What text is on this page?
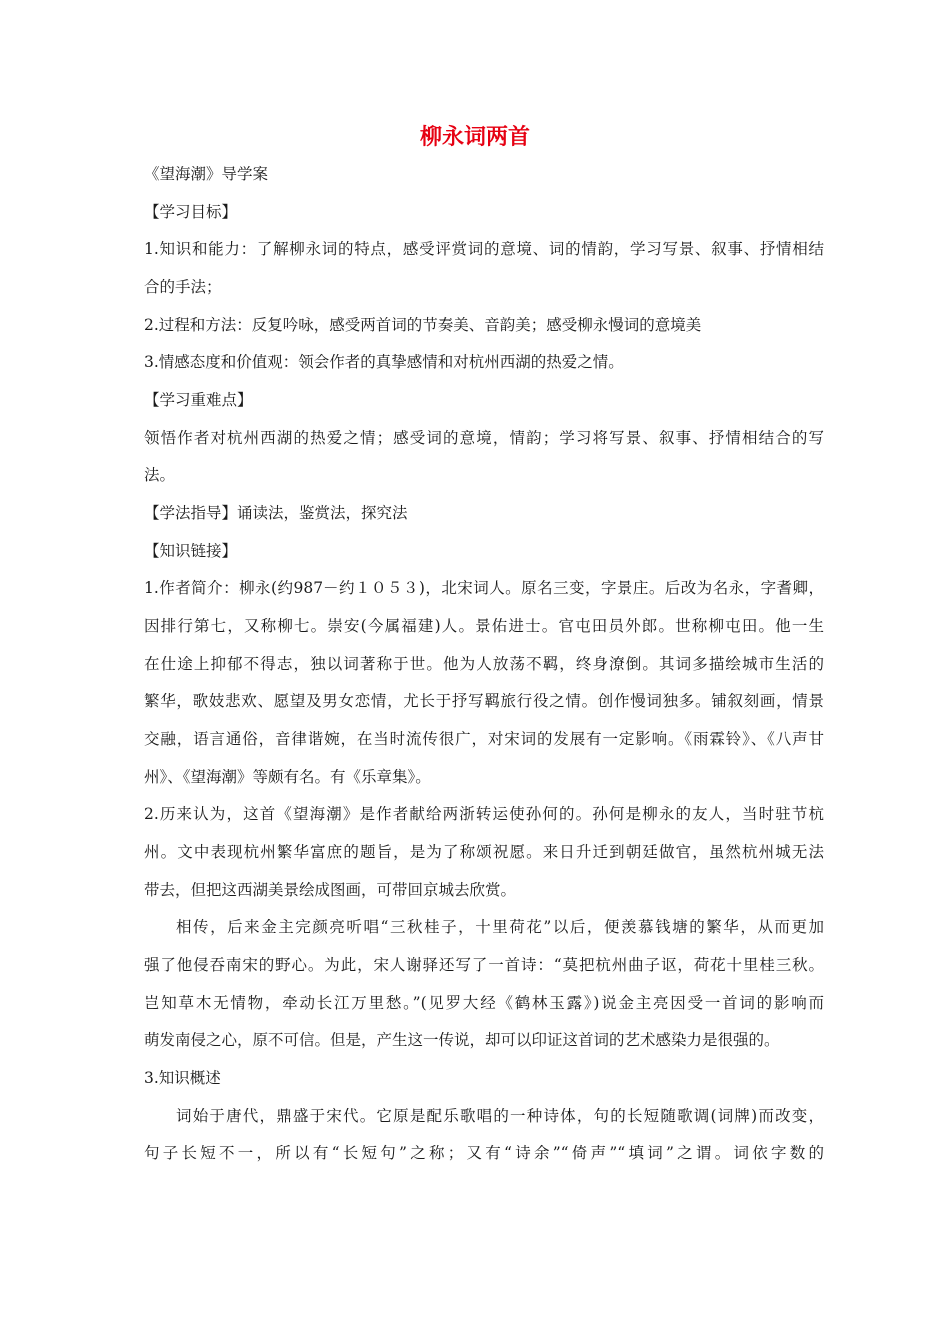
柳永词两首
《望海潮》导学案
【学习目标】
1.知识和能力：了解柳永词的特点，感受评赏词的意境、词的情韵，学习写景、叙事、抒情相结
合的手法；
2.过程和方法：反复吟咏，感受两首词的节奏美、音韵美；感受柳永慢词的意境美
3.情感态度和价值观：领会作者的真挚感情和对杭州西湖的热爱之情。
【学习重难点】
领悟作者对杭州西湖的热爱之情；感受词的意境，情韵；学习将写景、叙事、抒情相结合的写
法。
【学法指导】诵读法，鉴赏法，探究法
【知识链接】
1.作者简介：柳永(约987－约１０５３)，北宋词人。原名三变，字景庄。后改为名永，字耆卿，
因排行第七，又称柳七。崇安(今属福建)人。景佑进士。官屯田员外郎。世称柳屯田。他一生
在仕途上抑郁不得志，独以词著称于世。他为人放荡不羁，终身潦倒。其词多描绘城市生活的
繁华，歌妓悲欢、愿望及男女恋情，尤长于抒写羁旅行役之情。创作慢词独多。铺叙刻画，情景
交融，语言通俗，音律谐婉，在当时流传很广，对宋词的发展有一定影响。《雨霖铃》、《八声甘
州》、《望海潮》等颇有名。有《乐章集》。
2.历来认为，这首《望海潮》是作者献给两浙转运使孙何的。孙何是柳永的友人，当时驻节杭
州。文中表现杭州繁华富庶的题旨，是为了称颂祝愿。来日升迁到朝廷做官，虽然杭州城无法
带去，但把这西湖美景绘成图画，可带回京城去欣赏。
相传，后来金主完颜亮听唱“三秋桂子，十里荷花”以后，便羡慕钱塘的繁华，从而更加
强了他侵吞南宋的野心。为此，宋人谢驿还写了一首诗：“莫把杭州曲子讴，荷花十里桂三秋。
岂知草木无情物，牵动长江万里愁。”(见罗大经《鹤林玉露》)说金主亮因受一首词的影响而
萌发南侵之心，原不可信。但是，产生这一传说，却可以印证这首词的艺术感染力是很强的。
3.知识概述
词始于唐代，鼎盛于宋代。它原是配乐歌唱的一种诗体，句的长短随歌调(词牌)而改变，
句子长短不一，所以有“长短句”之称；又有“诗余”“倚声”“填词”之谓。词依字数的
